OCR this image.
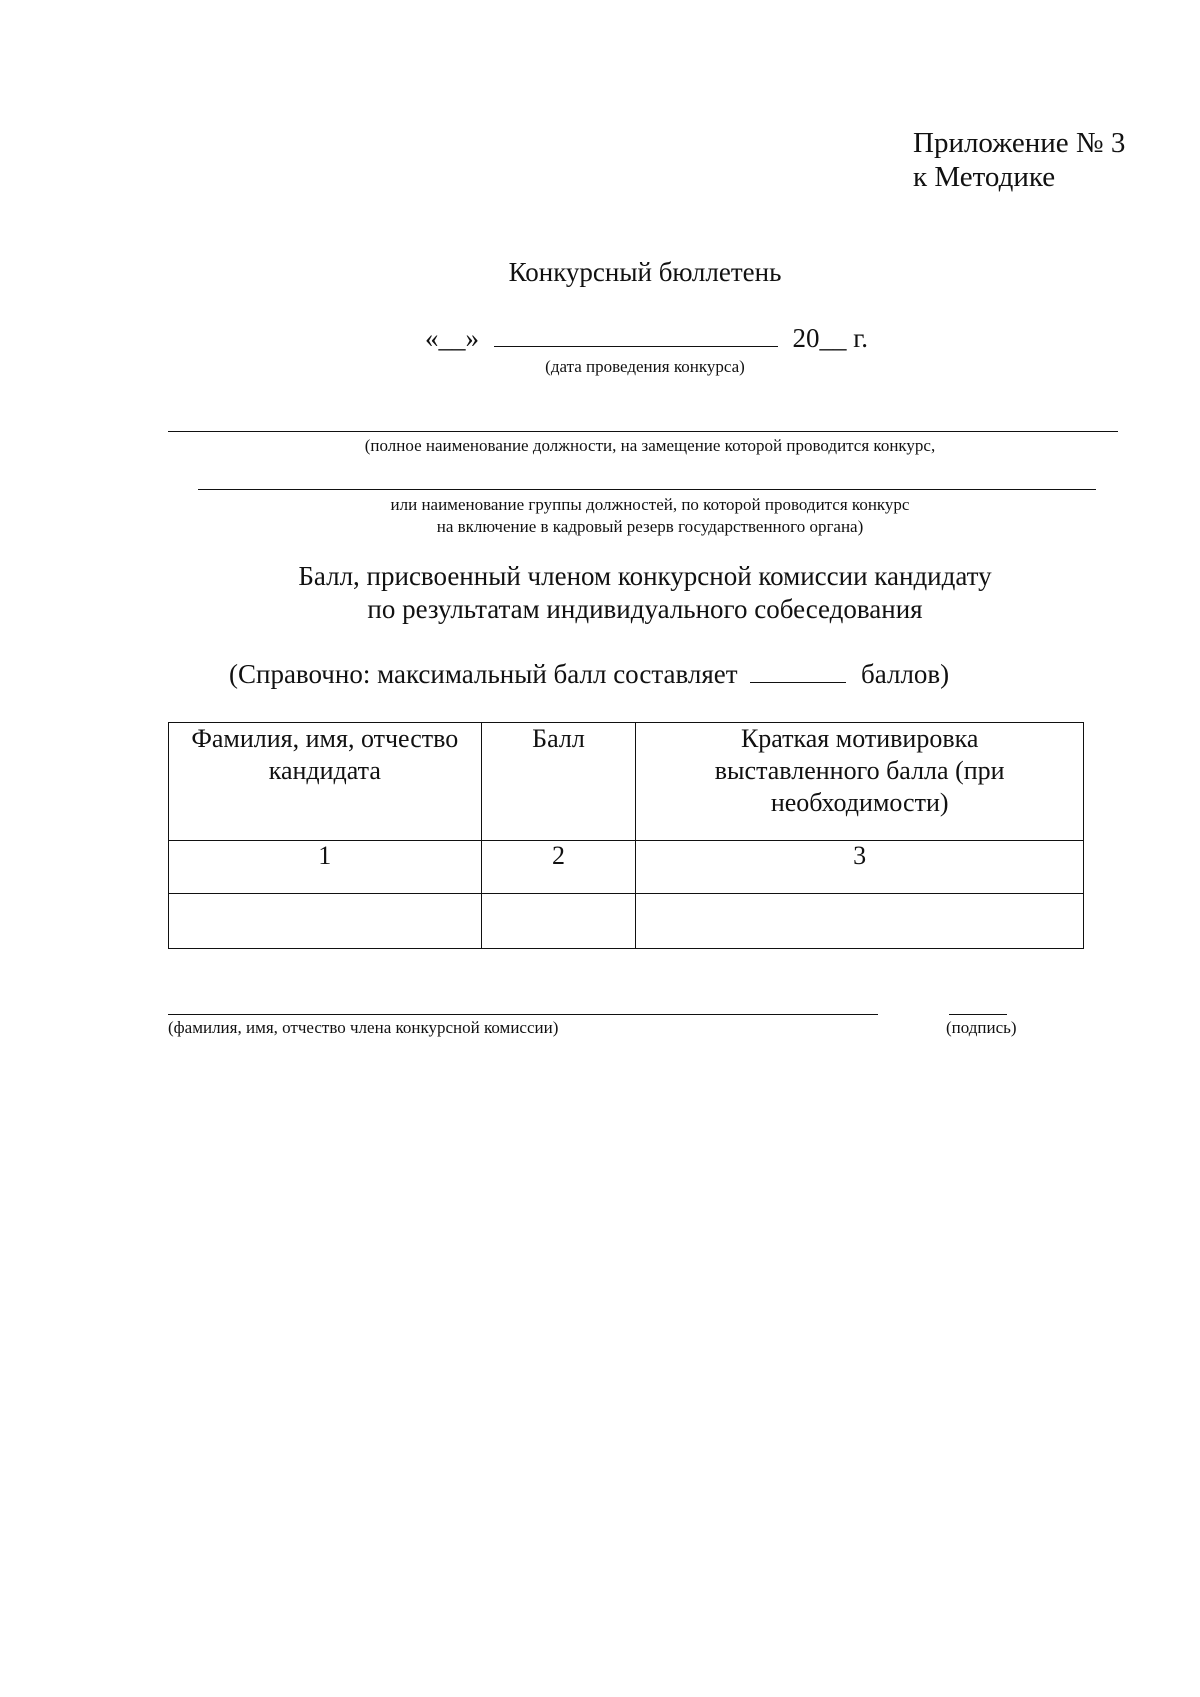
Приложение № 3
к Методике
Конкурсный бюллетень
«__»	20__ г.
(дата проведения конкурса)
(полное наименование должности, на замещение которой проводится конкурс,
или наименование группы должностей, по которой проводится конкурс
на включение в кадровый резерв государственного органа)
Балл, присвоенный членом конкурсной комиссии кандидату
по результатам индивидуального собеседования
(Справочно: максимальный балл составляет	баллов)
Фамилия, имя, отчество кандидата	Балл	Краткая мотивировка выставленного балла (при необходимости)
1	2	3

(фамилия, имя, отчество члена конкурсной комиссии)	(подпись)
